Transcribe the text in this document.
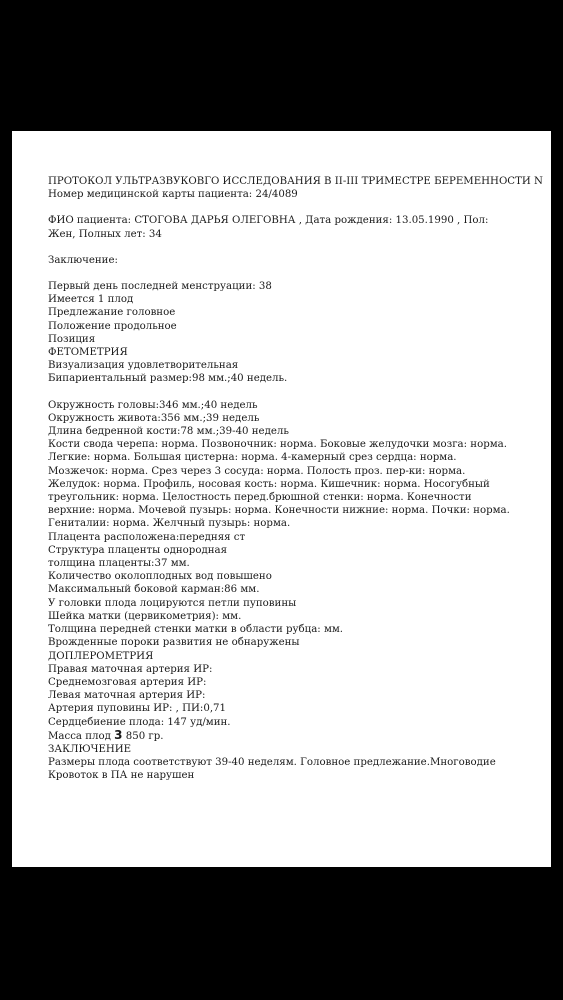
ПРОТОКОЛ УЛЬТРАЗВУКОВГО ИССЛЕДОВАНИЯ В II-III ТРИМЕСТРЕ БЕРЕМЕННОСТИ N
Номер медицинской карты пациента: 24/4089
ФИО пациента: СТОГОВА ДАРЬЯ ОЛЕГОВНА , Дата рождения: 13.05.1990 , Пол: Жен, Полных лет: 34
Заключение:
Первый день последней менструации: 38
Имеется 1 плод
Предлежание головное
Положение продольное
Позиция
ФЕТОМЕТРИЯ
Визуализация удовлетворительная
Бипариентальный размер:98 мм.;40 недель.
Окружность головы:346 мм.;40 недель
Окружность живота:356 мм.;39 недель
Длина бедренной кости:78 мм.;39-40 недель
Кости свода черепа: норма. Позвоночник: норма. Боковые желудочки мозга: норма. Легкие: норма. Большая цистерна: норма. 4-камерный срез сердца: норма. Мозжечок: норма. Срез через 3 сосуда: норма. Полость проз. пер-ки: норма. Желудок: норма. Профиль, носовая кость: норма. Кишечник: норма. Носогубный треугольник: норма. Целостность перед.брюшной стенки: норма. Конечности верхние: норма. Мочевой пузырь: норма. Конечности нижние: норма. Почки: норма. Гениталии: норма. Желчный пузырь: норма.
Плацента расположена:передняя ст
Структура плаценты однородная
толщина плаценты:37 мм.
Количество околоплодных вод повышено
Максимальный боковой карман:86 мм.
У головки плода лоцируются петли пуповины
Шейка матки (цервикометрия): мм.
Толщина передней стенки матки в области рубца: мм.
Врожденные пороки развития не обнаружены
ДОПЛЕРОМЕТРИЯ
Правая маточная артерия ИР:
Среднемозговая артерия ИР:
Левая маточная артерия ИР:
Артерия пуповины ИР: , ПИ:0,71
Сердцебиение плода: 147 уд/мин.
Масса плод 3 850 гр.
ЗАКЛЮЧЕНИЕ
Размеры плода соответствуют 39-40 неделям. Головное предлежание.Многоводие
Кровоток в ПА не нарушен
